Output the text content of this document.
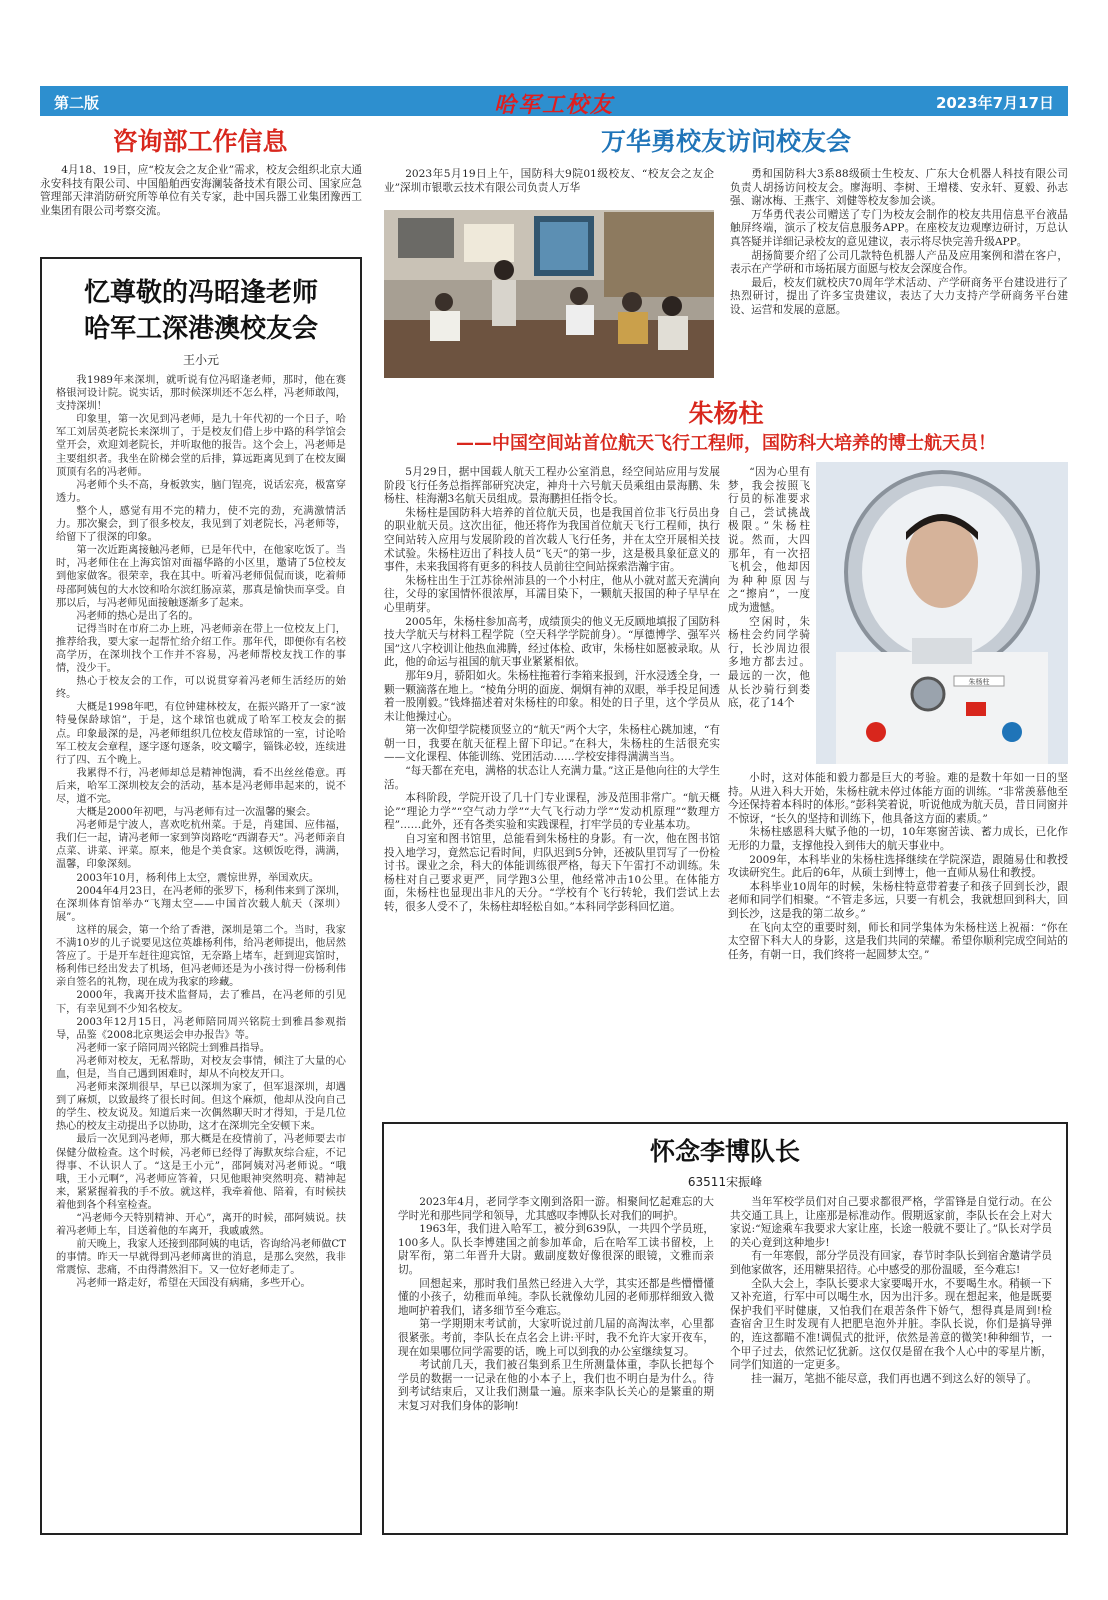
第二版	哈军工校友	2023年7月17日
咨询部工作信息

4月18、19日，应“校友会之友企业”需求，校友会组织北京大通永安科技有限公司、中国船舶西安海澜装备技术有限公司、国家应急管理部天津消防研究所等单位有关专家，赴中国兵器工业集团豫西工业集团有限公司考察交流。

忆尊敬的冯昭逢老师
哈军工深港澳校友会
王小元

我1989年来深圳，就听说有位冯昭逢老师，那时，他在赛格银河设计院。说实话，那时候深圳还不怎么样，冯老师敢闯，支持深圳！

印象里，第一次见到冯老师，是九十年代初的一个日子，哈军工刘居英老院长来深圳了，于是校友们借上步中路的科学馆会堂开会，欢迎刘老院长，并听取他的报告。这个会上，冯老师是主要组织者。我坐在阶梯会堂的后排，算远距离见到了在校友圈顶顶有名的冯老师。

冯老师个头不高，身板敦实，脑门锃亮，说话宏亮，极富穿透力。

整个人，感觉有用不完的精力，使不完的劲，充满激情活力。那次聚会，到了很多校友，我见到了刘老院长，冯老师等，给留下了很深的印象。

第一次近距离接触冯老师，已是年代中，在他家吃饭了。当时，冯老师住在上海宾馆对面福华路的小区里，邀请了5位校友到他家做客。很荣幸，我在其中。听着冯老师侃侃而谈，吃着师母邵阿姨包的大水饺和哈尔滨红肠凉菜，那真是愉快而享受。自那以后，与冯老师见面接触逐渐多了起来。

冯老师的热心是出了名的。

记得当时在市府二办上班，冯老师亲在带上一位校友上门，推荐给我，要大家一起帮忙给介绍工作。那年代，即便你有名校高学历，在深圳找个工作并不容易，冯老师帮校友找工作的事情，没少干。

热心于校友会的工作，可以说贯穿着冯老师生活经历的始终。

大概是1998年吧，有位钟建林校友，在振兴路开了一家“波特曼保龄球馆”，于是，这个球馆也就成了哈军工校友会的据点。印象最深的是，冯老师组织几位校友借球馆的一室，讨论哈军工校友会章程，逐字逐句逐条，咬文嚼字，锱铢必较，连续进行了四、五个晚上。

我累得不行，冯老师却总是精神饱满，看不出丝丝倦意。再后来，哈军工深圳校友会的活动，基本是冯老师串起来的，说不尽，道不完。

大概是2000年初吧，与冯老师有过一次温馨的聚会。

冯老师是宁波人，喜欢吃杭州菜。于是，肖建国、应伟福，我们仨一起，请冯老师一家到笋岗路吃“西湖春天”。冯老师亲自点菜、讲菜、评菜。原来，他是个美食家。这顿饭吃得，满满，温馨，印象深刻。

2003年10月，杨利伟上太空，震惊世界，举国欢庆。

2004年4月23日，在冯老师的张罗下，杨利伟来到了深圳，在深圳体育馆举办“飞翔太空——中国首次载人航天（深圳）展”。

这样的展会，第一个给了香港，深圳是第二个。当时，我家不满10岁的儿子说要见这位英雄杨利伟，给冯老师提出，他居然答应了。于是开车赶往迎宾馆，无奈路上堵车，赶到迎宾馆时，杨利伟已经出发去了机场，但冯老师还是为小孩讨得一份杨利伟亲自签名的礼物，现在成为我家的珍藏。

2000年，我离开技术监督局，去了雅昌，在冯老师的引见下，有幸见到不少知名校友。

2003年12月15日，冯老师陪同周兴铭院士到雅昌参观指导，品鉴《2008北京奥运会申办报告》等。

冯老师一家子陪同周兴铭院士到雅昌指导。

冯老师对校友，无私帮助，对校友会事情，倾注了大量的心血，但是，当自己遇到困难时，却从不向校友开口。

冯老师来深圳很早，早已以深圳为家了，但军退深圳，却遇到了麻烦，以致最终了很长时间。但这个麻烦，他却从没向自己的学生、校友说及。知道后来一次偶然聊天时才得知，于是几位热心的校友主动提出予以协助，这才在深圳完全安顿下来。

最后一次见到冯老师，那大概是在疫情前了，冯老师要去市保健分做检查。这个时候，冯老师已经得了海默灰综合症，不记得事、不认识人了。“这是王小元”，邵阿姨对冯老师说。“哦哦，王小元啊”，冯老师应答着，只见他眼神突然明亮、精神起来，紧紧握着我的手不放。就这样，我牵着他、陪着，有时候扶着他到各个科室检查。

“冯老师今天特别精神、开心”，离开的时候，邵阿姨说。扶着冯老师上车，目送着他的车离开，我戚戚然。

前天晚上，我家人还接到邵阿姨的电话，咨询给冯老师做CT的事情。昨天一早就得到冯老师离世的消息，是那么突然，我非常震惊、悲痛，不由得潸然泪下。又一位好老师走了。

冯老师一路走好，希望在天国没有病痛，多些开心。

万华勇校友访问校友会

2023年5月19日上午，国防科大9院01级校友、“校友会之友企业”深圳市银歌云技术有限公司负责人万华

勇和国防科大3系88级硕士生校友、广东大仓机器人科技有限公司负责人胡扬访问校友会。廖海明、李树、王增楼、安永轩、夏毅、孙志强、谢冰梅、王燕宇、刘健等校友参加会谈。

万华勇代表公司赠送了专门为校友会制作的校友共用信息平台液晶触屏终端，演示了校友信息服务APP。在座校友边观摩边研讨，万总认真答疑并详细记录校友的意见建议，表示将尽快完善升级APP。

胡扬简要介绍了公司几款特色机器人产品及应用案例和潜在客户，表示在产学研和市场拓展方面愿与校友会深度合作。

最后，校友们就校庆70周年学术活动、产学研商务平台建设进行了热烈研讨，提出了许多宝贵建议，表达了大力支持产学研商务平台建设、运营和发展的意愿。

朱杨柱
——中国空间站首位航天飞行工程师，国防科大培养的博士航天员！

5月29日，据中国载人航天工程办公室消息，经空间站应用与发展阶段飞行任务总指挥部研究决定，神舟十六号航天员乘组由景海鹏、朱杨柱、桂海潮3名航天员组成。景海鹏担任指令长。

朱杨柱是国防科大培养的首位航天员，也是我国首位非飞行员出身的职业航天员。这次出征，他还将作为我国首位航天飞行工程师，执行空间站转入应用与发展阶段的首次载人飞行任务，并在太空开展相关技术试验。朱杨柱迈出了科技人员“飞天”的第一步，这是极具象征意义的事件，未来我国将有更多的科技人员前往空间站探索浩瀚宇宙。

朱杨柱出生于江苏徐州沛县的一个小村庄，他从小就对蓝天充满向往，父母的家国情怀很浓厚，耳濡目染下，一颗航天报国的种子早早在心里萌芽。

2005年，朱杨柱参加高考，成绩顶尖的他义无反顾地填报了国防科技大学航天与材料工程学院（空天科学学院前身）。“厚德博学、强军兴国”这八字校训让他热血沸腾，经过体检、政审，朱杨柱如愿被录取。从此，他的命运与祖国的航天事业紧紧相依。

那年9月，骄阳如火。朱杨柱拖着行李箱来报到，汗水浸透全身，一颗一颗滴落在地上。“棱角分明的面庞、炯炯有神的双眼，举手投足间透着一股刚毅。”钱烽描述着对朱杨柱的印象。相处的日子里，这个学员从未让他操过心。

第一次仰望学院楼顶竖立的“航天”两个大字，朱杨柱心跳加速，“有朝一日，我要在航天征程上留下印记。”在科大，朱杨柱的生活很充实——文化课程、体能训练、党团活动……学校安排得满满当当。

“每天都在充电，满格的状态让人充满力量。”这正是他向往的大学生活。

本科阶段，学院开设了几十门专业课程，涉及范围非常广。“航天概论”“理论力学”“空气动力学”“大气飞行动力学”“发动机原理”“数理方程”……此外，还有各类实验和实践课程，打牢学员的专业基本功。

自习室和图书馆里，总能看到朱杨柱的身影。有一次，他在图书馆投入地学习，竟然忘记看时间，归队迟到5分钟，还被队里罚写了一份检讨书。课业之余，科大的体能训练很严格，每天下午雷打不动训练。朱杨柱对自己要求更严，同学跑3公里，他经常冲击10公里。在体能方面，朱杨柱也显现出非凡的天分。“学校有个飞行转轮，我们尝试上去转，很多人受不了，朱杨柱却轻松自如。”本科同学彭科回忆道。

“因为心里有梦，我会按照飞行员的标准要求自己，尝试挑战极限。”朱杨柱说。然而，大四那年，有一次招飞机会，他却因为种种原因与之“擦肩”，一度成为遗憾。

空闲时，朱杨柱会约同学骑行，长沙周边很多地方都去过。最远的一次，他从长沙骑行到娄底，花了14个

朱杨柱

小时，这对体能和毅力都是巨大的考验。难的是数十年如一日的坚持。从进入科大开始，朱杨柱就未停过体能方面的训练。“非常羡慕他至今还保持着本科时的体形。”彭科笑着说，听说他成为航天员，昔日同窗并不惊讶，“长久的坚持和训练下，他具备这方面的素质。”

朱杨柱感恩科大赋予他的一切，10年寒窗苦读、蓄力成长，已化作无形的力量，支撑他投入到伟大的航天事业中。

2009年，本科毕业的朱杨柱选择继续在学院深造，跟随易仕和教授攻读研究生。此后的6年，从硕士到博士，他一直师从易仕和教授。

本科毕业10周年的时候，朱杨柱特意带着妻子和孩子回到长沙，跟老师和同学们相聚。“不管走多远，只要一有机会，我就想回到科大，回到长沙，这是我的第二故乡。”

在飞向太空的重要时刻，师长和同学集体为朱杨柱送上祝福：“你在太空留下科大人的身影，这是我们共同的荣耀。希望你顺利完成空间站的任务，有朝一日，我们终将一起圆梦太空。”

怀念李博队长
63511宋振峰

2023年4月，老同学李文刚到洛阳一游。相聚间忆起难忘的大学时光和那些同学和领导，尤其感叹李博队长对我们的呵护。

1963年，我们进入哈军工，被分到639队，一共四个学员班，100多人。队长李博建国之前参加革命，后在哈军工读书留校，上尉军衔，第二年晋升大尉。戴副度数好像很深的眼镜，文雅而亲切。

回想起来，那时我们虽然已经进入大学，其实还都是些懵懵懂懂的小孩子，幼稚而单纯。李队长就像幼儿园的老师那样细致入微地呵护着我们，诸多细节至今难忘。

第一学期期末考试前，大家听说过前几届的高淘汰率，心里都很紧张。考前，李队长在点名会上讲:平时，我不允许大家开夜车，现在如果哪位同学需要的话，晚上可以到我的办公室继续复习。

考试前几天，我们被召集到系卫生所测量体重，李队长把每个学员的数据一一记录在他的小本子上，我们也不明白是为什么。待到考试结束后，又让我们测量一遍。原来李队长关心的是繁重的期末复习对我们身体的影响!

当年军校学员们对自己要求都很严格，学雷锋是自觉行动。在公共交通工具上，让座那是标准动作。假期返家前，李队长在会上对大家说:“短途乘车我要求大家让座，长途一般就不要让了。”队长对学员的关心竟到这种地步!

有一年寒假，部分学员没有回家，春节时李队长到宿舍邀请学员到他家做客，还用糖果招待。心中感受的那份温暖，至今难忘!

全队大会上，李队长要求大家要喝开水，不要喝生水。稍顿一下又补充道，行军中可以喝生水，因为出汗多。现在想起来，他是既要保护我们平时健康，又怕我们在艰苦条件下娇气，想得真是周到!检查宿舍卫生时发现有人把肥皂泡外并脏。李队长说，你们是搞导弹的，连这都瞄不准!调侃式的批评，依然是善意的微笑!种种细节，一个甲子过去，依然记忆犹新。这仅仅是留在我个人心中的零星片断，同学们知道的一定更多。

挂一漏万，笔拙不能尽意，我们再也遇不到这么好的领导了。
